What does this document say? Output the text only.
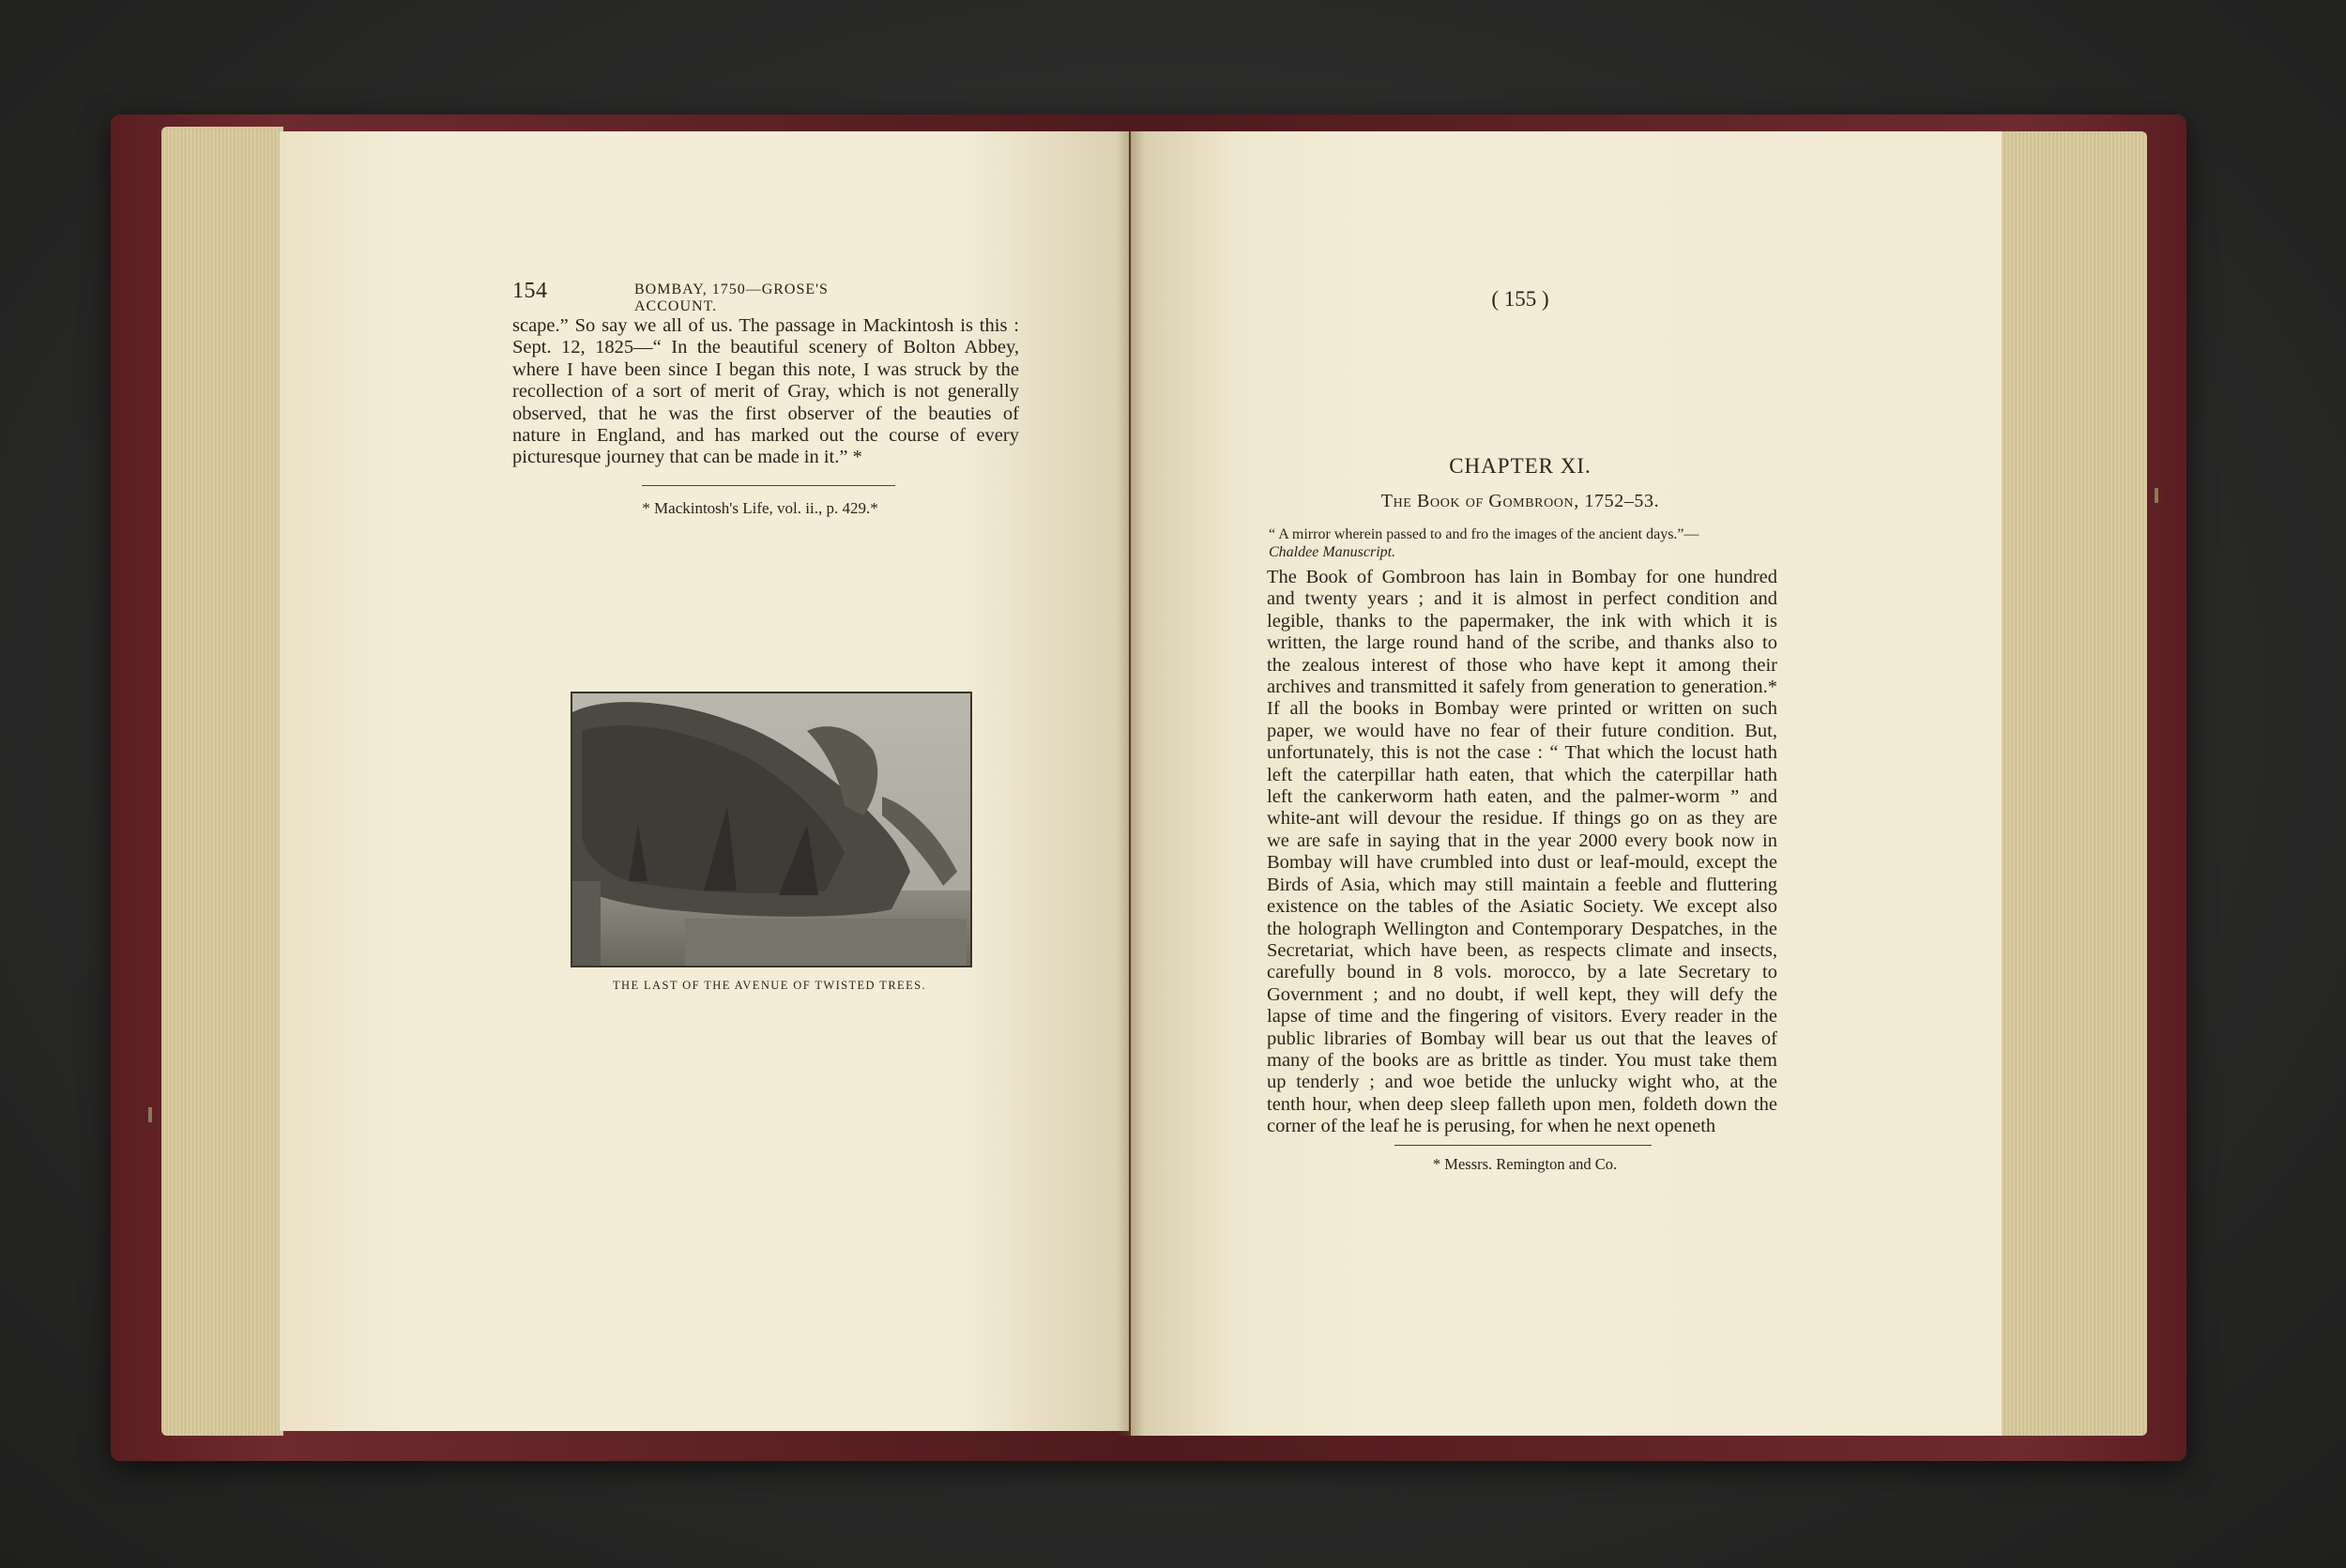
154	BOMBAY, 1750—GROSE'S ACCOUNT.
scape.” So say we all of us. The passage in Mackintosh is this :
Sept. 12, 1825—“ In the beautiful scenery of Bolton Abbey,
where I have been since I began this note, I was struck by the
recollection of a sort of merit of Gray, which is not generally
observed, that he was the first observer of the beauties of
nature in England, and has marked out the course of every
picturesque journey that can be made in it.” *
* Mackintosh's Life, vol. ii., p. 429.*
THE LAST OF THE AVENUE OF TWISTED TREES.
( 155 )
CHAPTER XI.
The Book of Gombroon, 1752–53.
“ A mirror wherein passed to and fro the images of the ancient days.”—
Chaldee Manuscript.
The Book of Gombroon has lain in Bombay for one hundred
and twenty years ; and it is almost in perfect condition and
legible, thanks to the papermaker, the ink with which it is
written, the large round hand of the scribe, and thanks also to
the zealous interest of those who have kept it among their
archives and transmitted it safely from generation to generation.*
If all the books in Bombay were printed or written on such
paper, we would have no fear of their future condition. But,
unfortunately, this is not the case : “ That which the locust hath
left the caterpillar hath eaten, that which the caterpillar hath
left the cankerworm hath eaten, and the palmer-worm ” and
white-ant will devour the residue. If things go on as they are
we are safe in saying that in the year 2000 every book now in
Bombay will have crumbled into dust or leaf-mould, except the
Birds of Asia, which may still maintain a feeble and fluttering
existence on the tables of the Asiatic Society. We except also
the holograph Wellington and Contemporary Despatches, in the
Secretariat, which have been, as respects climate and insects,
carefully bound in 8 vols. morocco, by a late Secretary to
Government ; and no doubt, if well kept, they will defy the
lapse of time and the fingering of visitors. Every reader in the
public libraries of Bombay will bear us out that the leaves of
many of the books are as brittle as tinder. You must take them
up tenderly ; and woe betide the unlucky wight who, at the
tenth hour, when deep sleep falleth upon men, foldeth down the
corner of the leaf he is perusing, for when he next openeth
* Messrs. Remington and Co.
